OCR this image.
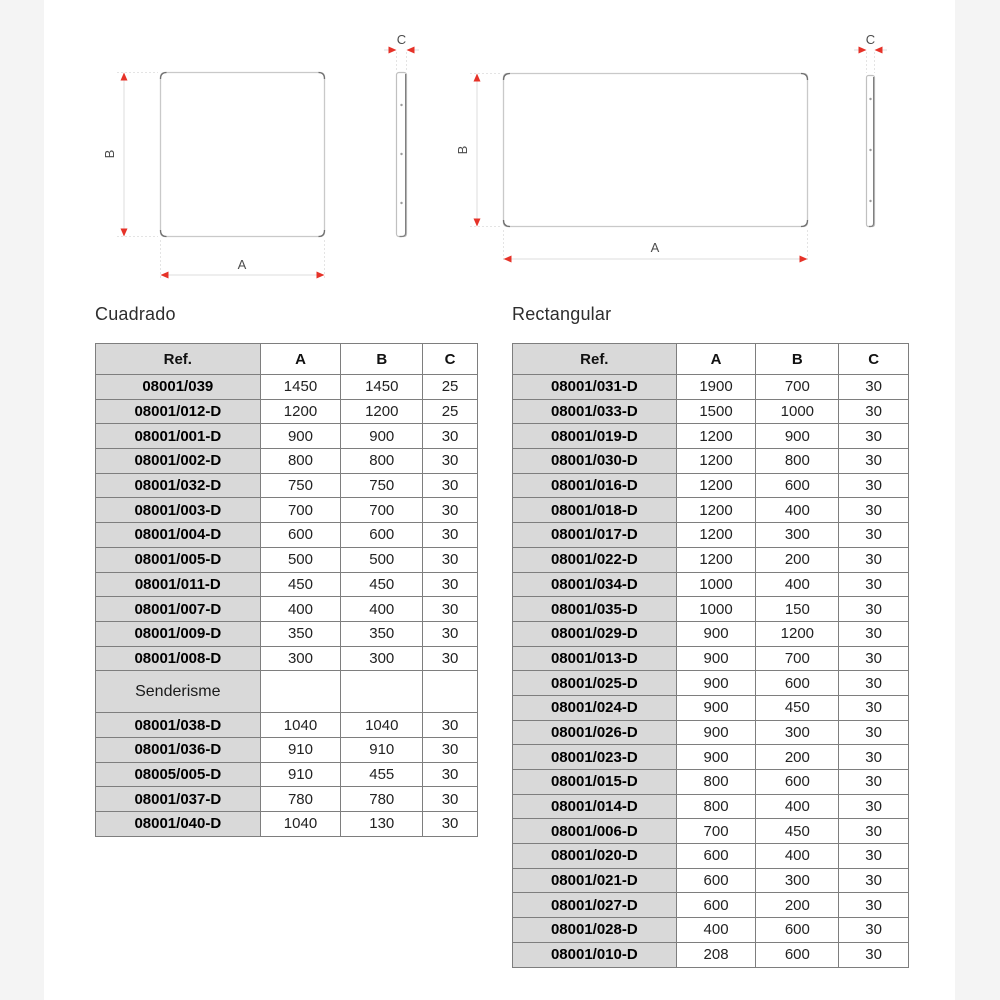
B
A
C
B
A
C
Cuadrado
Ref.	A	B	C
08001/039	1450	1450	25
08001/012-D	1200	1200	25
08001/001-D	900	900	30
08001/002-D	800	800	30
08001/032-D	750	750	30
08001/003-D	700	700	30
08001/004-D	600	600	30
08001/005-D	500	500	30
08001/011-D	450	450	30
08001/007-D	400	400	30
08001/009-D	350	350	30
08001/008-D	300	300	30
Senderisme			
08001/038-D	1040	1040	30
08001/036-D	910	910	30
08005/005-D	910	455	30
08001/037-D	780	780	30
08001/040-D	1040	130	30
Rectangular
Ref.	A	B	C
08001/031-D	1900	700	30
08001/033-D	1500	1000	30
08001/019-D	1200	900	30
08001/030-D	1200	800	30
08001/016-D	1200	600	30
08001/018-D	1200	400	30
08001/017-D	1200	300	30
08001/022-D	1200	200	30
08001/034-D	1000	400	30
08001/035-D	1000	150	30
08001/029-D	900	1200	30
08001/013-D	900	700	30
08001/025-D	900	600	30
08001/024-D	900	450	30
08001/026-D	900	300	30
08001/023-D	900	200	30
08001/015-D	800	600	30
08001/014-D	800	400	30
08001/006-D	700	450	30
08001/020-D	600	400	30
08001/021-D	600	300	30
08001/027-D	600	200	30
08001/028-D	400	600	30
08001/010-D	208	600	30
